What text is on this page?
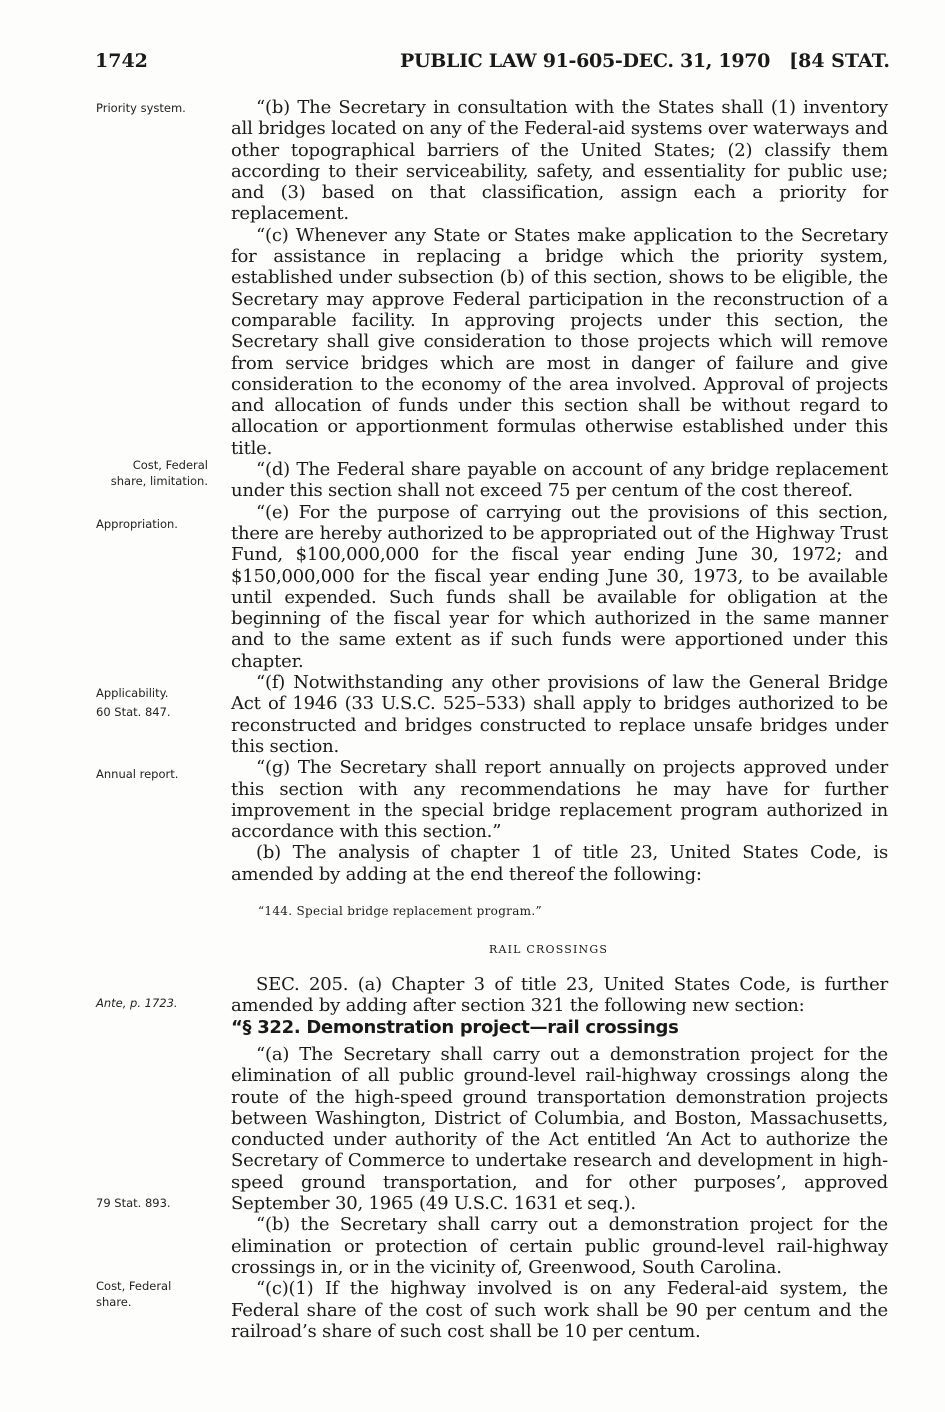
1742	PUBLIC LAW 91-605-DEC. 31, 1970 [84 STAT.
Priority system.
Cost, Federal
share, limitation.
Appropriation.
Applicability.
60 Stat. 847.
Annual report.
Ante, p. 1723.
79 Stat. 893.
Cost, Federal
share.

“(b) The Secretary in consultation with the States shall (1) inventory all bridges located on any of the Federal-aid systems over waterways and other topographical barriers of the United States; (2) classify them according to their serviceability, safety, and essentiality for public use; and (3) based on that classification, assign each a priority for replacement.

“(c) Whenever any State or States make application to the Secretary for assistance in replacing a bridge which the priority system, established under subsection (b) of this section, shows to be eligible, the Secretary may approve Federal participation in the reconstruction of a comparable facility. In approving projects under this section, the Secretary shall give consideration to those projects which will remove from service bridges which are most in danger of failure and give consideration to the economy of the area involved. Approval of projects and allocation of funds under this section shall be without regard to allocation or apportionment formulas otherwise established under this title.

“(d) The Federal share payable on account of any bridge replacement under this section shall not exceed 75 per centum of the cost thereof.

“(e) For the purpose of carrying out the provisions of this section, there are hereby authorized to be appropriated out of the Highway Trust Fund, $100,000,000 for the fiscal year ending June 30, 1972; and $150,000,000 for the fiscal year ending June 30, 1973, to be available until expended. Such funds shall be available for obligation at the beginning of the fiscal year for which authorized in the same manner and to the same extent as if such funds were apportioned under this chapter.

“(f) Notwithstanding any other provisions of law the General Bridge Act of 1946 (33 U.S.C. 525–533) shall apply to bridges authorized to be reconstructed and bridges constructed to replace unsafe bridges under this section.

“(g) The Secretary shall report annually on projects approved under this section with any recommendations he may have for further improvement in the special bridge replacement program authorized in accordance with this section.”

(b) The analysis of chapter 1 of title 23, United States Code, is amended by adding at the end thereof the following:

“144. Special bridge replacement program.”
RAIL CROSSINGS

SEC. 205. (a) Chapter 3 of title 23, United States Code, is further amended by adding after section 321 the following new section:

“§ 322. Demonstration project—rail crossings

“(a) The Secretary shall carry out a demonstration project for the elimination of all public ground-level rail-highway crossings along the route of the high-speed ground transportation demonstration projects between Washington, District of Columbia, and Boston, Massachusetts, conducted under authority of the Act entitled ‘An Act to authorize the Secretary of Commerce to undertake research and development in high-speed ground transportation, and for other purposes’, approved September 30, 1965 (49 U.S.C. 1631 et seq.).

“(b) the Secretary shall carry out a demonstration project for the elimination or protection of certain public ground-level rail-highway crossings in, or in the vicinity of, Greenwood, South Carolina.

“(c)(1) If the highway involved is on any Federal-aid system, the Federal share of the cost of such work shall be 90 per centum and the railroad’s share of such cost shall be 10 per centum.
